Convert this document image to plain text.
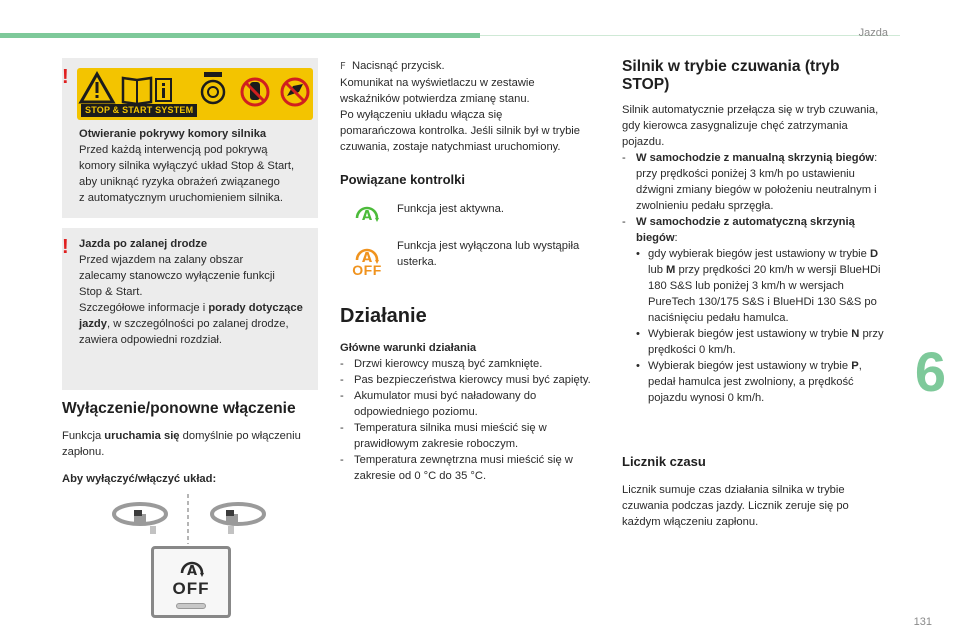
Jazda
6
131
!
STOP & START SYSTEM
Otwieranie pokrywy komory silnika
Przed każdą interwencją pod pokrywą
komory silnika wyłączyć układ Stop & Start,
aby uniknąć ryzyka obrażeń związanego
z automatycznym uruchomieniem silnika.
! Jazda po zalanej drodze
Przed wjazdem na zalany obszar
zalecamy stanowczo wyłączenie funkcji
Stop & Start.
Szczegółowe informacje i porady dotyczące jazdy, w szczególności po zalanej drodze, zawiera odpowiedni rozdział.
Wyłączenie/ponowne włączenie
Funkcja uruchamia się domyślnie po włączeniu zapłonu.
Aby wyłączyć/włączyć układ:
A
OFF
F Nacisnąć przycisk.
Komunikat na wyświetlaczu w zestawie
wskaźników potwierdza zmianę stanu.
Po wyłączeniu układu włącza się
pomarańczowa kontrolka. Jeśli silnik był w trybie
czuwania, zostaje natychmiast uruchomiony.
Powiązane kontrolki
A Funkcja jest aktywna.
A
OFF
Funkcja jest wyłączona lub wystąpiła
usterka.
Działanie
Główne warunki działania
- Drzwi kierowcy muszą być zamknięte.
- Pas bezpieczeństwa kierowcy musi być zapięty.
- Akumulator musi być naładowany do odpowiedniego poziomu.
- Temperatura silnika musi mieścić się w prawidłowym zakresie roboczym.
- Temperatura zewnętrzna musi mieścić się w zakresie od 0 °C do 35 °C.
Silnik w trybie czuwania (tryb STOP)
Silnik automatycznie przełącza się w tryb czuwania, gdy kierowca zasygnalizuje chęć zatrzymania pojazdu.
- W samochodzie z manualną skrzynią biegów: przy prędkości poniżej 3 km/h po ustawieniu dźwigni zmiany biegów w położeniu neutralnym i zwolnieniu pedału sprzęgła.
- W samochodzie z automatyczną skrzynią biegów:
• gdy wybierak biegów jest ustawiony w trybie D lub M przy prędkości 20 km/h w wersji BlueHDi 180 S&S lub poniżej 3 km/h w wersjach PureTech 130/175 S&S i BlueHDi 130 S&S po naciśnięciu pedału hamulca.
• Wybierak biegów jest ustawiony w trybie N przy prędkości 0 km/h.
• Wybierak biegów jest ustawiony w trybie P, pedał hamulca jest zwolniony, a prędkość pojazdu wynosi 0 km/h.
Licznik czasu
Licznik sumuje czas działania silnika w trybie czuwania podczas jazdy. Licznik zeruje się po każdym włączeniu zapłonu.
